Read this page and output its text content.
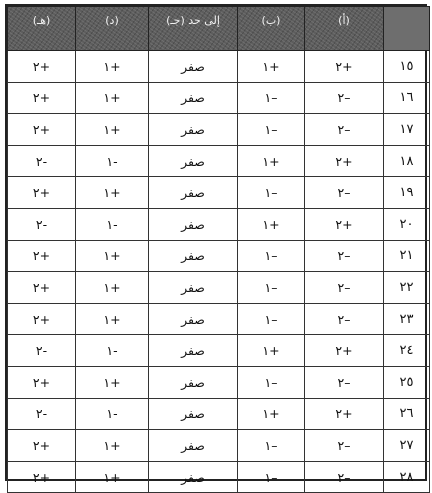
(هـ)	(د)	(جـ) إلى حد	(ب)	(أ)	
٢+	١+	صفر	١+	٢+	١٥
٢+	١+	صفر	١–	٢–	١٦
٢+	١+	صفر	١–	٢–	١٧
٢-	١-	صفر	١+	٢+	١٨
٢+	١+	صفر	١–	٢–	١٩
٢-	١-	صفر	١+	٢+	٢٠
٢+	١+	صفر	١–	٢–	٢١
٢+	١+	صفر	١–	٢–	٢٢
٢+	١+	صفر	١–	٢–	٢٣
٢-	١-	صفر	١+	٢+	٢٤
٢+	١+	صفر	١–	٢–	٢٥
٢-	١-	صفر	١+	٢+	٢٦
٢+	١+	صفر	١–	٢–	٢٧
٢+	١+	صفر	١–	٢–	٢٨
